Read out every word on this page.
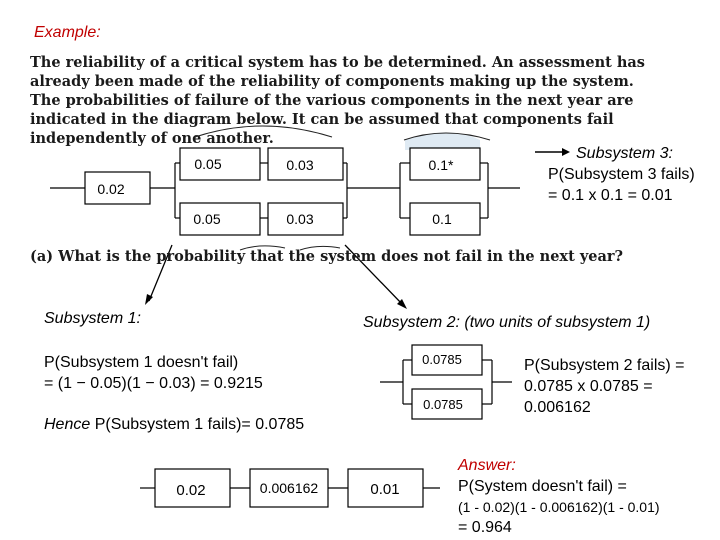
Example:
The reliability of a critical system has to be determined. An assessment has already been made of the reliability of components making up the system. The probabilities of failure of the various components in the next year are indicated in the diagram below. It can be assumed that components fail independently of one another.
0.02
0.05	0.03	0.1*
0.05	0.03	0.1
0.0785
0.0785
0.02	0.006162	0.01
(a) What is the probability that the system does not fail in the next year?
Subsystem 3:
P(Subsystem 3 fails)
= 0.1 x 0.1 = 0.01
Subsystem 1:
P(Subsystem 1 doesn't fail)
= (1 − 0.05)(1 − 0.03) = 0.9215
Hence P(Subsystem 1 fails)= 0.0785
Subsystem 2: (two units of subsystem 1)
P(Subsystem 2 fails) =
0.0785 x 0.0785 =
0.006162
Answer:
P(System doesn't fail) =
(1 - 0.02)(1 - 0.006162)(1 - 0.01)
= 0.964
